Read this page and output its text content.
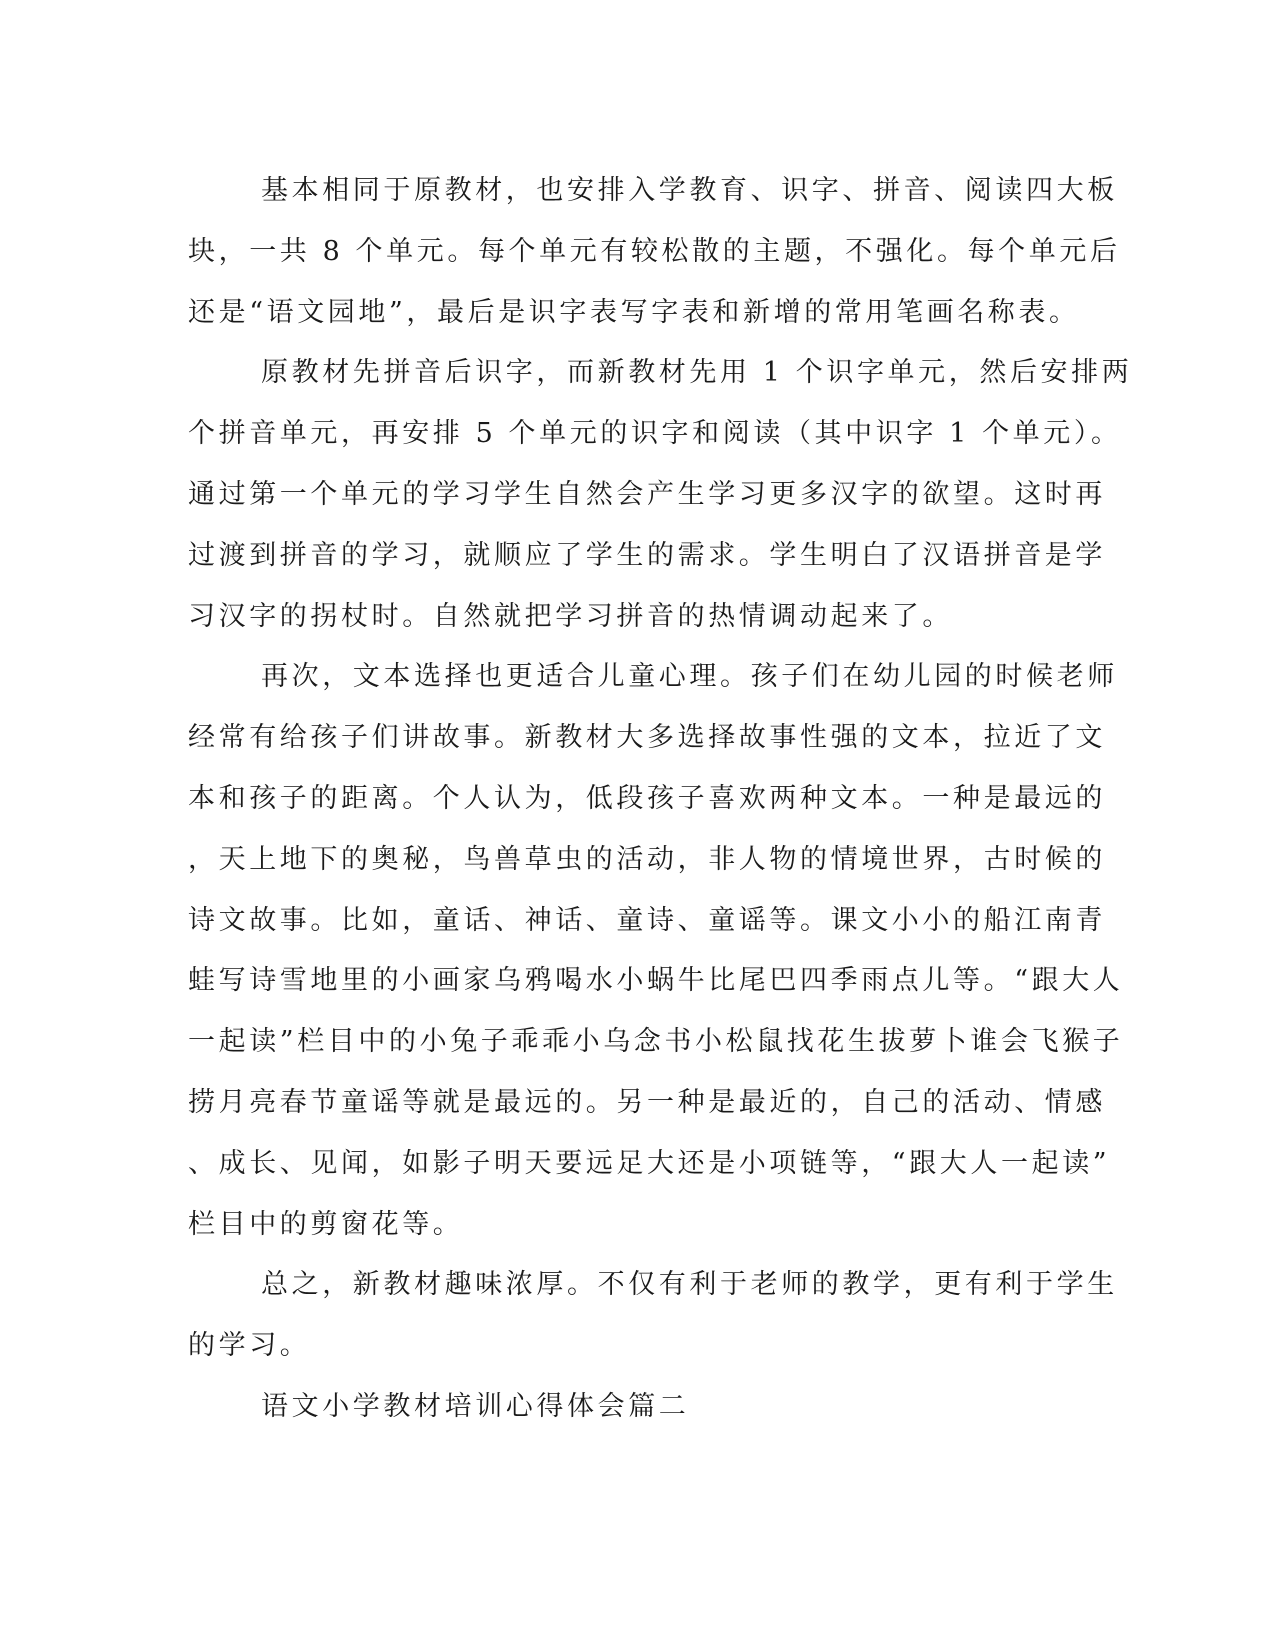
基本相同于原教材，也安排入学教育、识字、拼音、阅读四大板
块，一共 8 个单元。每个单元有较松散的主题，不强化。每个单元后
还是“语文园地”，最后是识字表写字表和新增的常用笔画名称表。
原教材先拼音后识字，而新教材先用 1 个识字单元，然后安排两
个拼音单元，再安排 5 个单元的识字和阅读（其中识字 1 个单元）。
通过第一个单元的学习学生自然会产生学习更多汉字的欲望。这时再
过渡到拼音的学习，就顺应了学生的需求。学生明白了汉语拼音是学
习汉字的拐杖时。自然就把学习拼音的热情调动起来了。
再次，文本选择也更适合儿童心理。孩子们在幼儿园的时候老师
经常有给孩子们讲故事。新教材大多选择故事性强的文本，拉近了文
本和孩子的距离。个人认为，低段孩子喜欢两种文本。一种是最远的
，天上地下的奥秘，鸟兽草虫的活动，非人物的情境世界，古时候的
诗文故事。比如，童话、神话、童诗、童谣等。课文小小的船江南青
蛙写诗雪地里的小画家乌鸦喝水小蜗牛比尾巴四季雨点儿等。“跟大人
一起读”栏目中的小兔子乖乖小乌念书小松鼠找花生拔萝卜谁会飞猴子
捞月亮春节童谣等就是最远的。另一种是最近的，自己的活动、情感
、成长、见闻，如影子明天要远足大还是小项链等，“跟大人一起读”
栏目中的剪窗花等。
总之，新教材趣味浓厚。不仅有利于老师的教学，更有利于学生
的学习。
语文小学教材培训心得体会篇二
